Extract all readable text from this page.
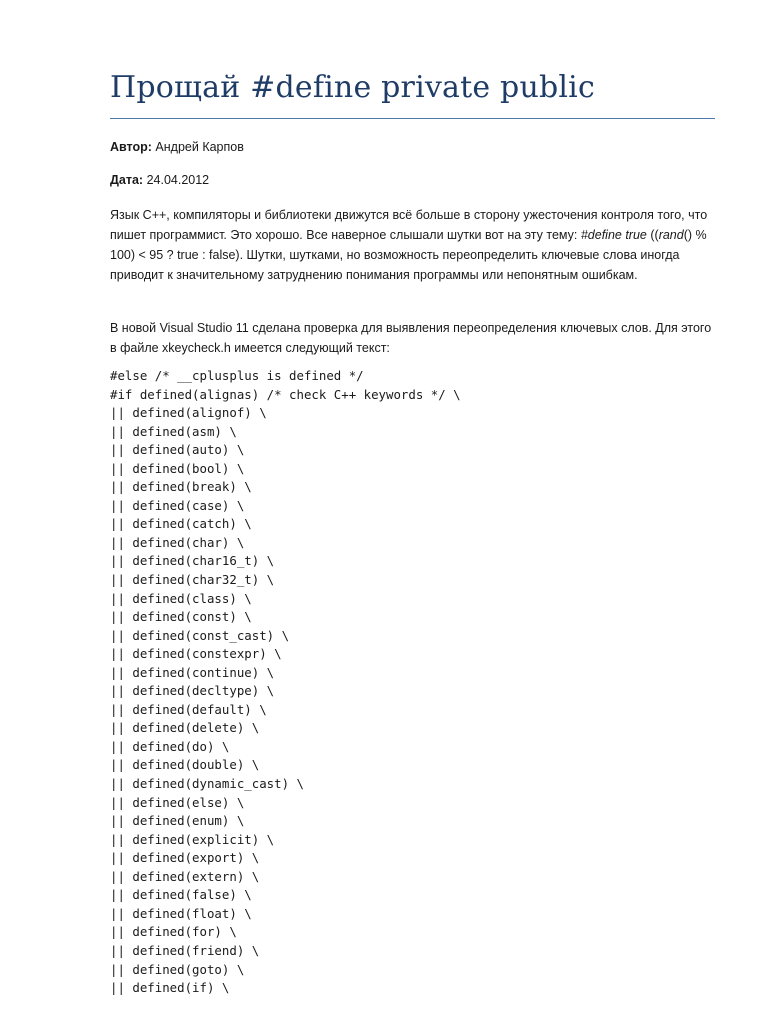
Прощай #define private public
Автор: Андрей Карпов
Дата: 24.04.2012
Язык C++, компиляторы и библиотеки движутся всё больше в сторону ужесточения контроля того, что пишет программист. Это хорошо. Все наверное слышали шутки вот на эту тему: #define true ((rand() % 100) < 95 ? true : false). Шутки, шутками, но возможность переопределить ключевые слова иногда приводит к значительному затруднению понимания программы или непонятным ошибкам.
В новой Visual Studio 11 сделана проверка для выявления переопределения ключевых слов. Для этого в файле xkeycheck.h имеется следующий текст:
#else /* __cplusplus is defined */
#if defined(alignas) /* check C++ keywords */ \
|| defined(alignof) \
|| defined(asm) \
|| defined(auto) \
|| defined(bool) \
|| defined(break) \
|| defined(case) \
|| defined(catch) \
|| defined(char) \
|| defined(char16_t) \
|| defined(char32_t) \
|| defined(class) \
|| defined(const) \
|| defined(const_cast) \
|| defined(constexpr) \
|| defined(continue) \
|| defined(decltype) \
|| defined(default) \
|| defined(delete) \
|| defined(do) \
|| defined(double) \
|| defined(dynamic_cast) \
|| defined(else) \
|| defined(enum) \
|| defined(explicit) \
|| defined(export) \
|| defined(extern) \
|| defined(false) \
|| defined(float) \
|| defined(for) \
|| defined(friend) \
|| defined(goto) \
|| defined(if) \
